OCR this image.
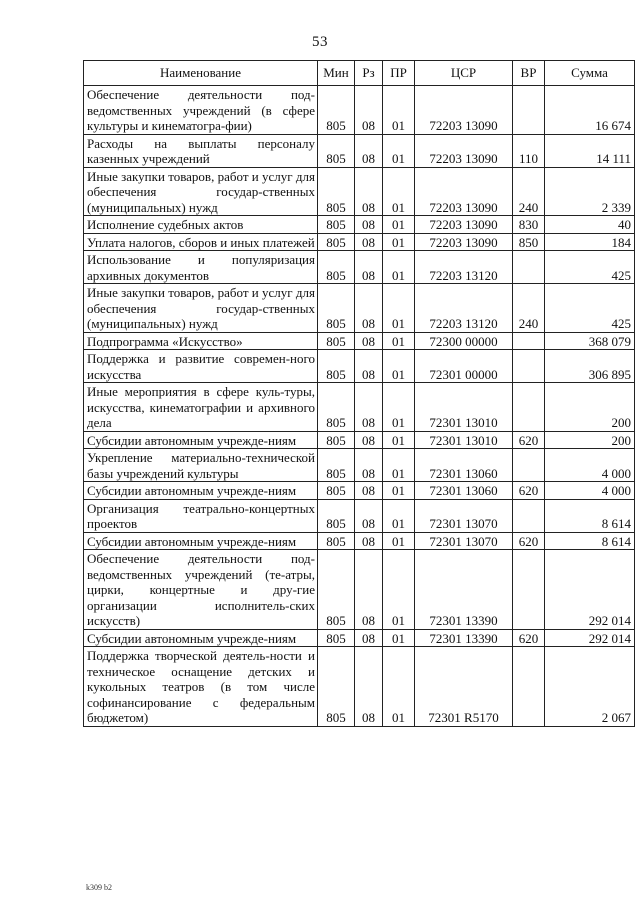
53
Наименование	Мин	Рз	ПР	ЦСР	ВР	Сумма
Обеспечение деятельности под-ведомственных учреждений (в сфере культуры и кинематогра-фии)	805	08	01	72203 13090		16 674
Расходы на выплаты персоналу казенных учреждений	805	08	01	72203 13090	110	14 111
Иные закупки товаров, работ и услуг для обеспечения государ-ственных (муниципальных) нужд	805	08	01	72203 13090	240	2 339
Исполнение судебных актов	805	08	01	72203 13090	830	40
Уплата налогов, сборов и иных платежей	805	08	01	72203 13090	850	184
Использование и популяризация архивных документов	805	08	01	72203 13120		425
Иные закупки товаров, работ и услуг для обеспечения государ-ственных (муниципальных) нужд	805	08	01	72203 13120	240	425
Подпрограмма «Искусство»	805	08	01	72300 00000		368 079
Поддержка и развитие современ-ного искусства	805	08	01	72301 00000		306 895
Иные мероприятия в сфере куль-туры, искусства, кинематографии и архивного дела	805	08	01	72301 13010		200
Субсидии автономным учрежде-ниям	805	08	01	72301 13010	620	200
Укрепление материально-технической базы учреждений культуры	805	08	01	72301 13060		4 000
Субсидии автономным учрежде-ниям	805	08	01	72301 13060	620	4 000
Организация театрально-концертных проектов	805	08	01	72301 13070		8 614
Субсидии автономным учрежде-ниям	805	08	01	72301 13070	620	8 614
Обеспечение деятельности под-ведомственных учреждений (те-атры, цирки, концертные и дру-гие организации исполнитель-ских искусств)	805	08	01	72301 13390		292 014
Субсидии автономным учрежде-ниям	805	08	01	72301 13390	620	292 014
Поддержка творческой деятель-ности и техническое оснащение детских и кукольных театров (в том числе софинансирование с федеральным бюджетом)	805	08	01	72301 R5170		2 067
k309 b2
